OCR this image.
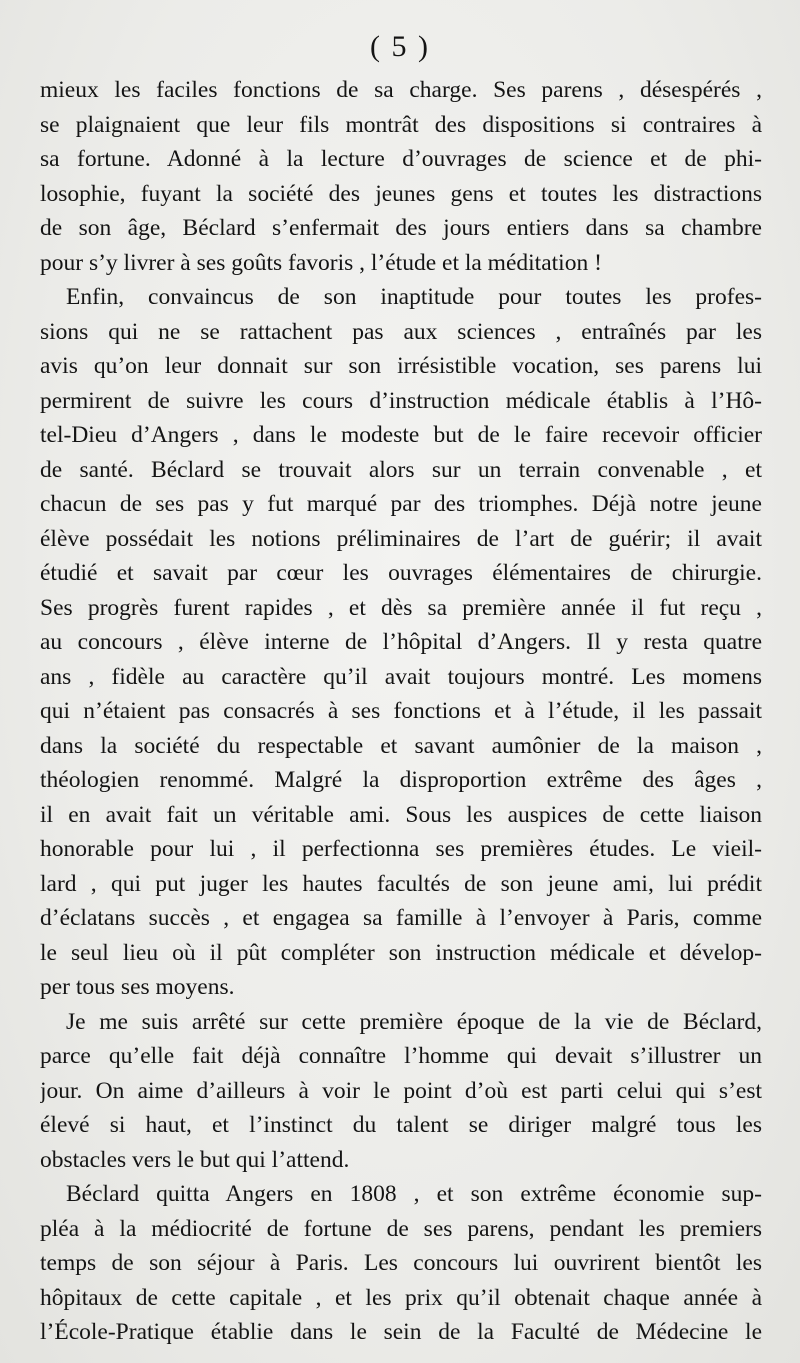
( 5 )
mieux les faciles fonctions de sa charge. Ses parens , désespérés ,
se plaignaient que leur fils montrât des dispositions si contraires à
sa fortune. Adonné à la lecture d’ouvrages de science et de phi-
losophie, fuyant la société des jeunes gens et toutes les distractions
de son âge, Béclard s’enfermait des jours entiers dans sa chambre
pour s’y livrer à ses goûts favoris , l’étude et la méditation !
Enfin, convaincus de son inaptitude pour toutes les profes-
sions qui ne se rattachent pas aux sciences , entraînés par les
avis qu’on leur donnait sur son irrésistible vocation, ses parens lui
permirent de suivre les cours d’instruction médicale établis à l’Hô-
tel-Dieu d’Angers , dans le modeste but de le faire recevoir officier
de santé. Béclard se trouvait alors sur un terrain convenable , et
chacun de ses pas y fut marqué par des triomphes. Déjà notre jeune
élève possédait les notions préliminaires de l’art de guérir; il avait
étudié et savait par cœur les ouvrages élémentaires de chirurgie.
Ses progrès furent rapides , et dès sa première année il fut reçu ,
au concours , élève interne de l’hôpital d’Angers. Il y resta quatre
ans , fidèle au caractère qu’il avait toujours montré. Les momens
qui n’étaient pas consacrés à ses fonctions et à l’étude, il les passait
dans la société du respectable et savant aumônier de la maison ,
théologien renommé. Malgré la disproportion extrême des âges ,
il en avait fait un véritable ami. Sous les auspices de cette liaison
honorable pour lui , il perfectionna ses premières études. Le vieil-
lard , qui put juger les hautes facultés de son jeune ami, lui prédit
d’éclatans succès , et engagea sa famille à l’envoyer à Paris, comme
le seul lieu où il pût compléter son instruction médicale et dévelop-
per tous ses moyens.
Je me suis arrêté sur cette première époque de la vie de Béclard,
parce qu’elle fait déjà connaître l’homme qui devait s’illustrer un
jour. On aime d’ailleurs à voir le point d’où est parti celui qui s’est
élevé si haut, et l’instinct du talent se diriger malgré tous les
obstacles vers le but qui l’attend.
Béclard quitta Angers en 1808 , et son extrême économie sup-
pléa à la médiocrité de fortune de ses parens, pendant les premiers
temps de son séjour à Paris. Les concours lui ouvrirent bientôt les
hôpitaux de cette capitale , et les prix qu’il obtenait chaque année à
l’École-Pratique établie dans le sein de la Faculté de Médecine le
